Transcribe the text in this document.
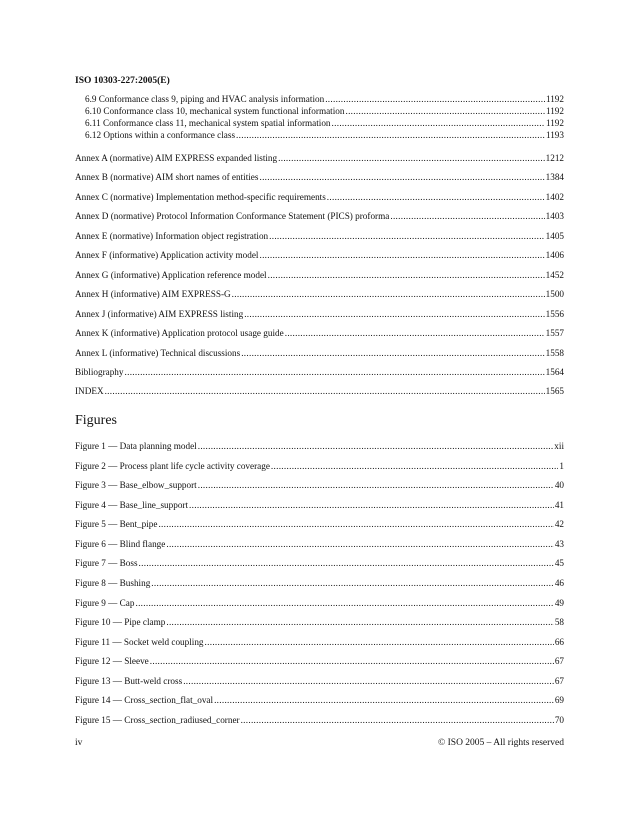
ISO 10303-227:2005(E)
6.9 Conformance class 9, piping and HVAC analysis information .....	1192
6.10 Conformance class 10, mechanical system functional information .....	1192
6.11 Conformance class 11, mechanical system spatial information .....	1192
6.12 Options within a conformance class .....	1193
Annex A (normative) AIM EXPRESS expanded listing .....	1212
Annex B (normative) AIM short names of entities .....	1384
Annex C (normative) Implementation method-specific requirements .....	1402
Annex D (normative) Protocol Information Conformance Statement (PICS) proforma .....	1403
Annex E (normative) Information object registration .....	1405
Annex F (informative) Application activity model .....	1406
Annex G (informative) Application reference model .....	1452
Annex H (informative) AIM EXPRESS-G .....	1500
Annex J (informative) AIM EXPRESS listing .....	1556
Annex K (informative) Application protocol usage guide .....	1557
Annex L (informative) Technical discussions .....	1558
Bibliography .....	1564
INDEX .....	1565
Figure 1 — Data planning model .....	xii
Figure 2 — Process plant life cycle activity coverage .....	1
Figure 3 — Base_elbow_support .....	40
Figure 4 — Base_line_support .....	41
Figure 5 — Bent_pipe .....	42
Figure 6 — Blind flange .....	43
Figure 7 — Boss .....	45
Figure 8 — Bushing .....	46
Figure 9 — Cap .....	49
Figure 10 — Pipe clamp .....	58
Figure 11 — Socket weld coupling .....	66
Figure 12 — Sleeve .....	67
Figure 13 — Butt-weld cross .....	67
Figure 14 — Cross_section_flat_oval .....	69
Figure 15 — Cross_section_radiused_corner .....	70
Figures
iv	© ISO 2005 – All rights reserved
